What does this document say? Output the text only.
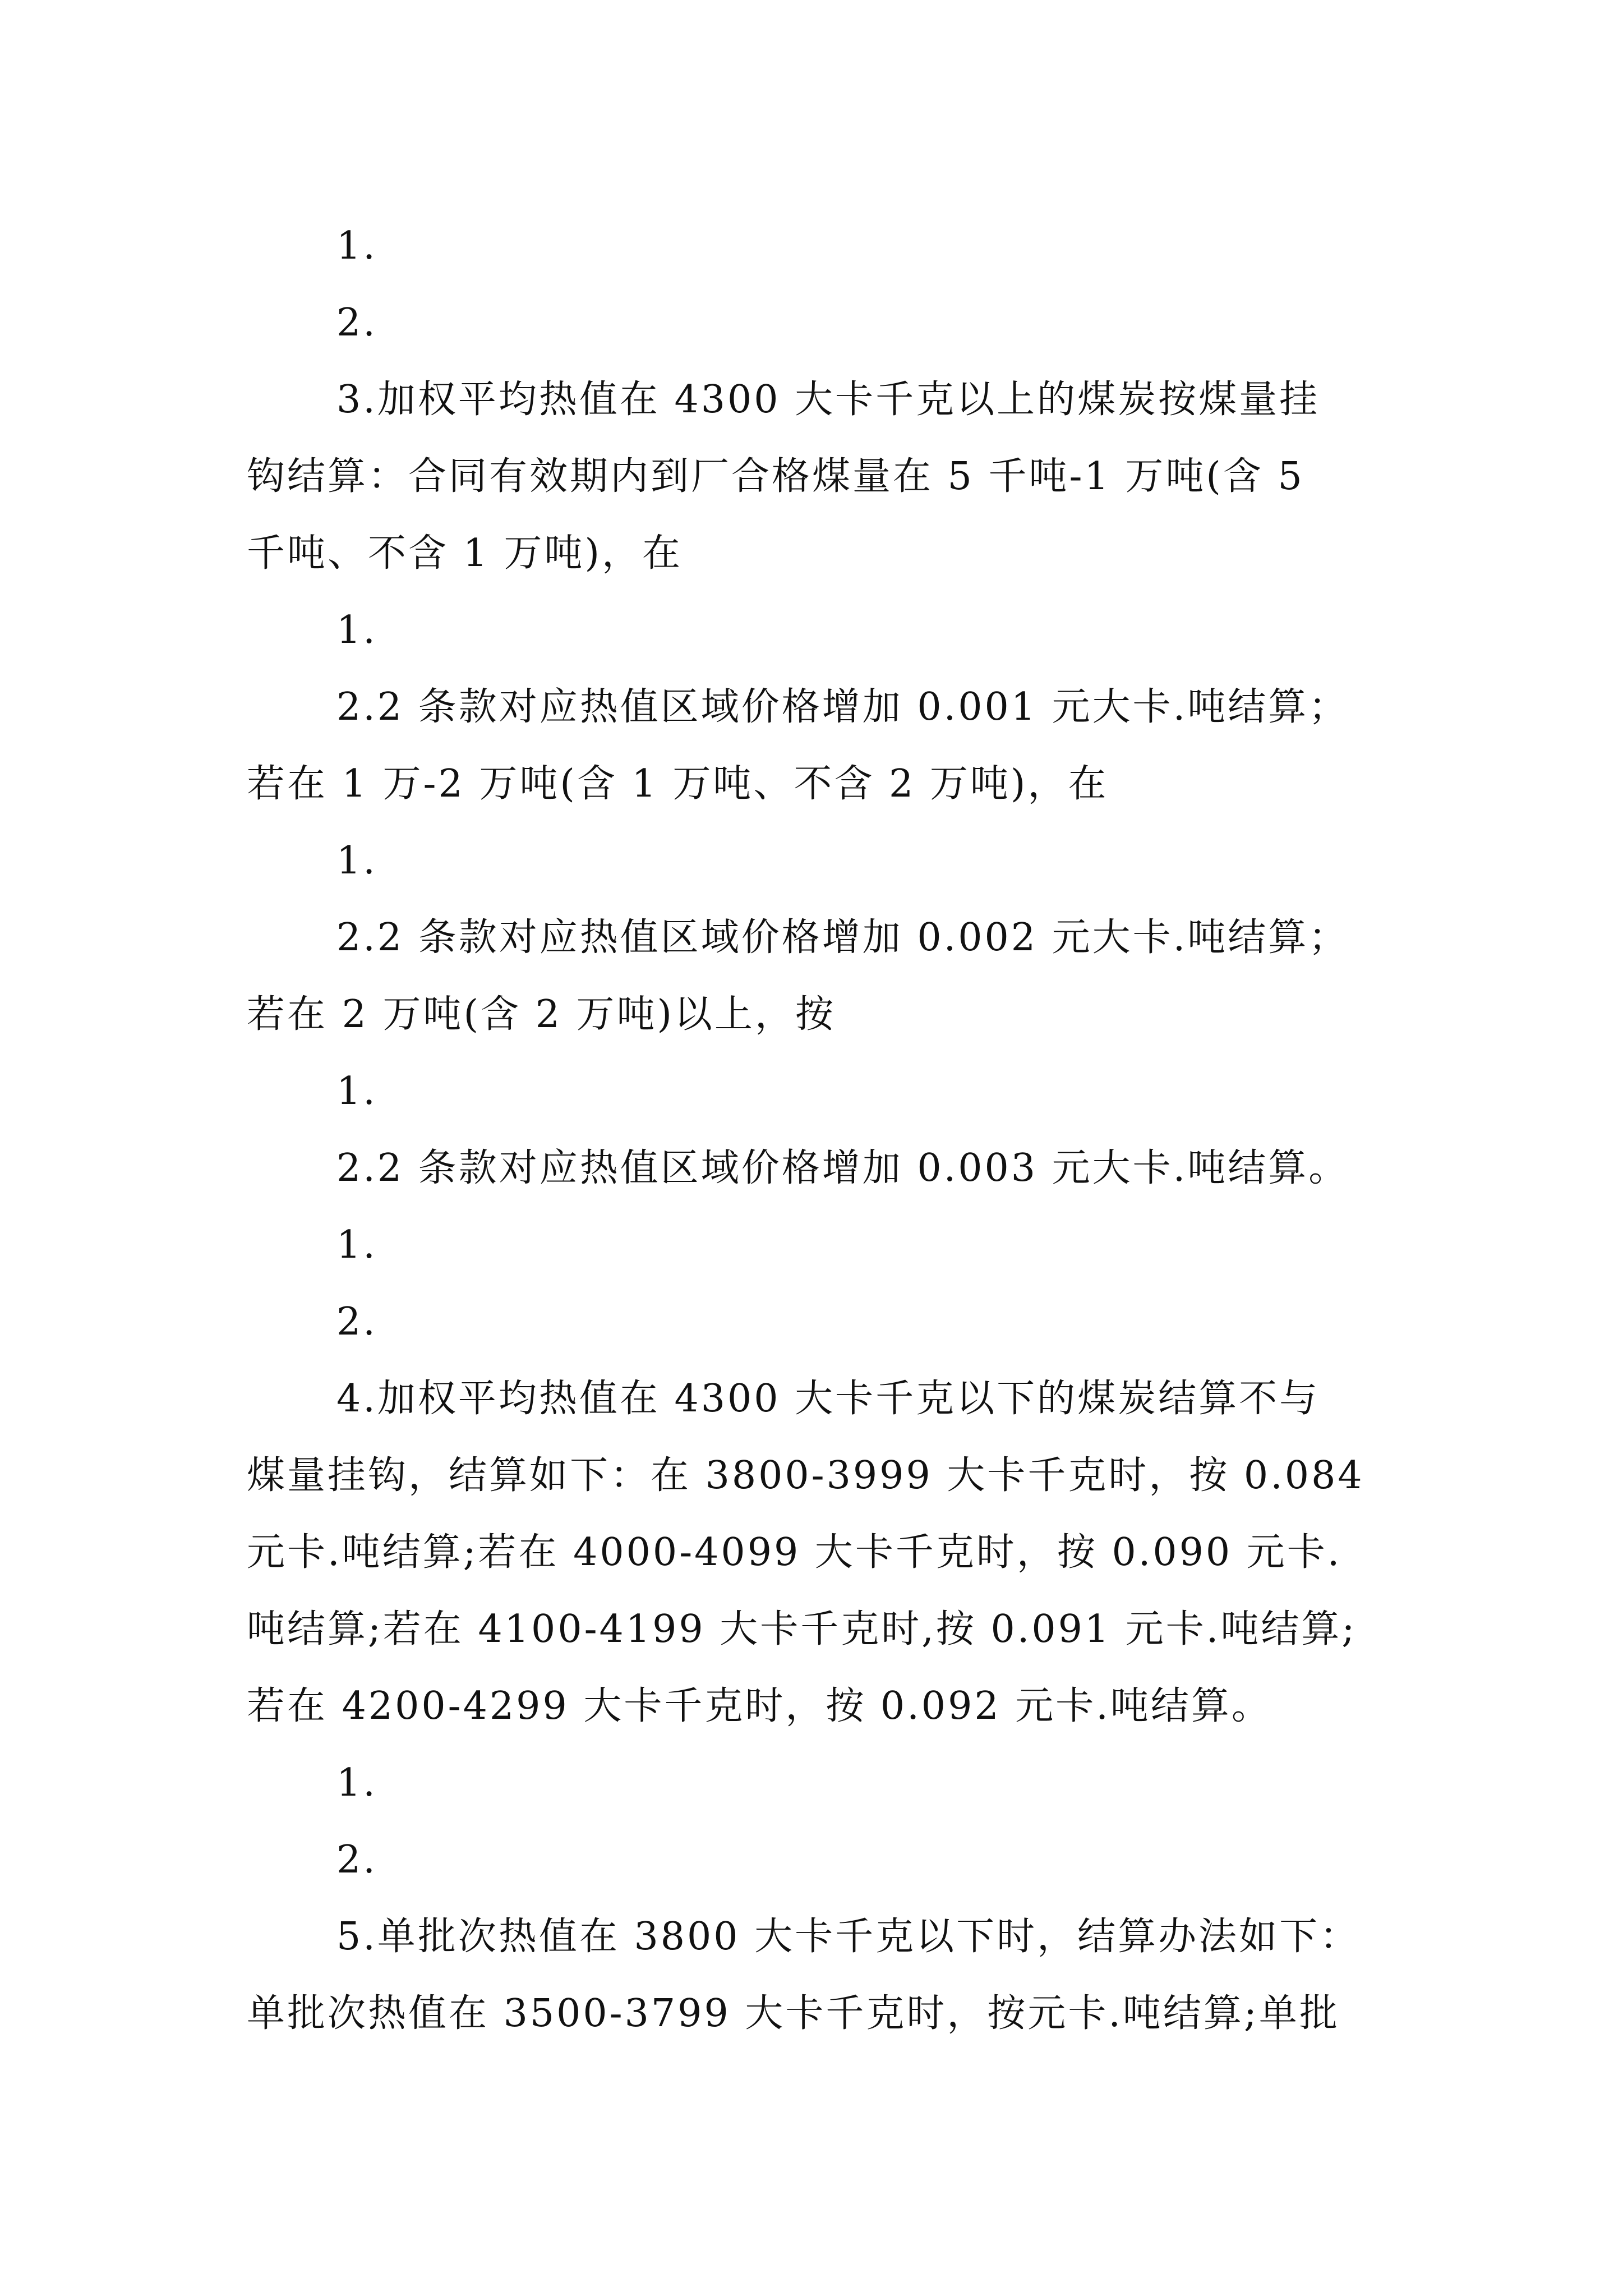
1.
2.
3.加权平均热值在 4300 大卡千克以上的煤炭按煤量挂
钩结算：合同有效期内到厂合格煤量在 5 千吨-1 万吨(含 5
千吨、不含 1 万吨)，在
1.
2.2 条款对应热值区域价格增加 0.001 元大卡.吨结算；
若在 1 万-2 万吨(含 1 万吨、不含 2 万吨)，在
1.
2.2 条款对应热值区域价格增加 0.002 元大卡.吨结算；
若在 2 万吨(含 2 万吨)以上，按
1.
2.2 条款对应热值区域价格增加 0.003 元大卡.吨结算。
1.
2.
4.加权平均热值在 4300 大卡千克以下的煤炭结算不与
煤量挂钩，结算如下：在 3800-3999 大卡千克时，按 0.084
元卡.吨结算;若在 4000-4099 大卡千克时，按 0.090 元卡.
吨结算;若在 4100-4199 大卡千克时,按 0.091 元卡.吨结算;
若在 4200-4299 大卡千克时，按 0.092 元卡.吨结算。
1.
2.
5.单批次热值在 3800 大卡千克以下时，结算办法如下：
单批次热值在 3500-3799 大卡千克时，按元卡.吨结算;单批
